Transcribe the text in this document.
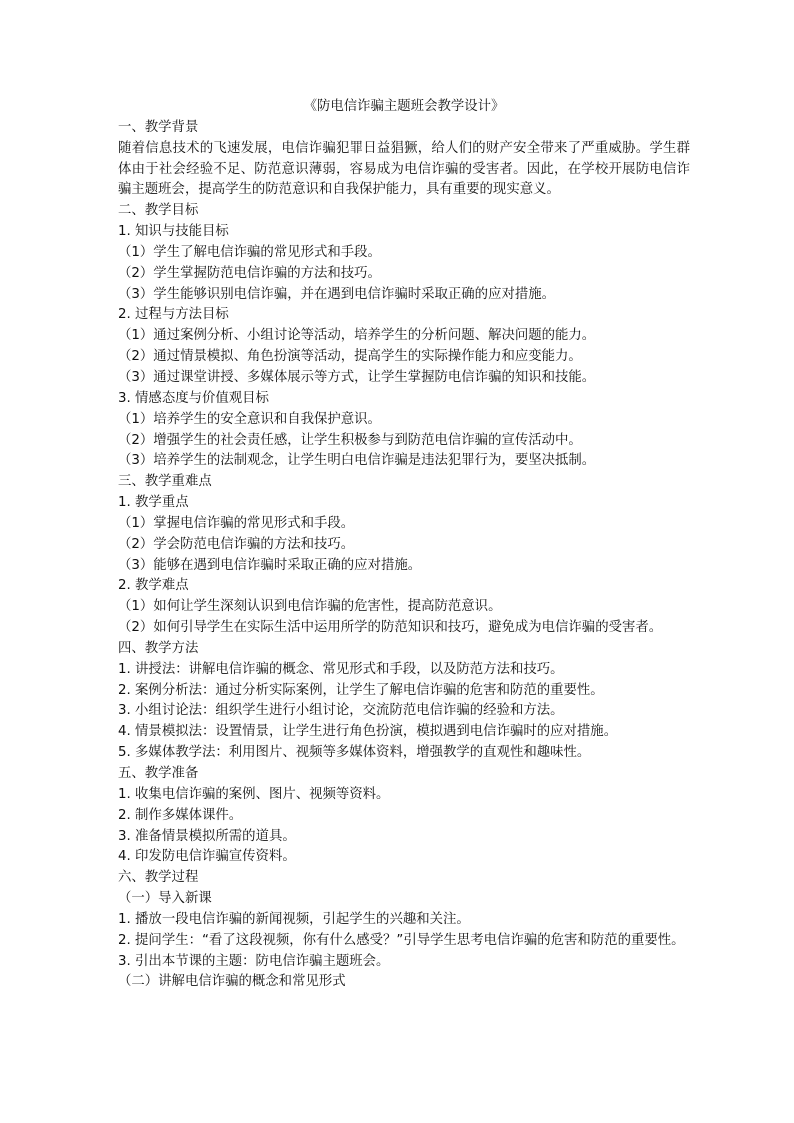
《防电信诈骗主题班会教学设计》

一、教学背景

随着信息技术的飞速发展，电信诈骗犯罪日益猖獗，给人们的财产安全带来了严重威胁。学生群体由于社会经验不足、防范意识薄弱，容易成为电信诈骗的受害者。因此，在学校开展防电信诈骗主题班会，提高学生的防范意识和自我保护能力，具有重要的现实意义。

二、教学目标

1. 知识与技能目标

（1）学生了解电信诈骗的常见形式和手段。

（2）学生掌握防范电信诈骗的方法和技巧。

（3）学生能够识别电信诈骗，并在遇到电信诈骗时采取正确的应对措施。

2. 过程与方法目标

（1）通过案例分析、小组讨论等活动，培养学生的分析问题、解决问题的能力。

（2）通过情景模拟、角色扮演等活动，提高学生的实际操作能力和应变能力。

（3）通过课堂讲授、多媒体展示等方式，让学生掌握防电信诈骗的知识和技能。

3. 情感态度与价值观目标

（1）培养学生的安全意识和自我保护意识。

（2）增强学生的社会责任感，让学生积极参与到防范电信诈骗的宣传活动中。

（3）培养学生的法制观念，让学生明白电信诈骗是违法犯罪行为，要坚决抵制。

三、教学重难点

1. 教学重点

（1）掌握电信诈骗的常见形式和手段。

（2）学会防范电信诈骗的方法和技巧。

（3）能够在遇到电信诈骗时采取正确的应对措施。

2. 教学难点

（1）如何让学生深刻认识到电信诈骗的危害性，提高防范意识。

（2）如何引导学生在实际生活中运用所学的防范知识和技巧，避免成为电信诈骗的受害者。

四、教学方法

1. 讲授法：讲解电信诈骗的概念、常见形式和手段，以及防范方法和技巧。

2. 案例分析法：通过分析实际案例，让学生了解电信诈骗的危害和防范的重要性。

3. 小组讨论法：组织学生进行小组讨论，交流防范电信诈骗的经验和方法。

4. 情景模拟法：设置情景，让学生进行角色扮演，模拟遇到电信诈骗时的应对措施。

5. 多媒体教学法：利用图片、视频等多媒体资料，增强教学的直观性和趣味性。

五、教学准备

1. 收集电信诈骗的案例、图片、视频等资料。

2. 制作多媒体课件。

3. 准备情景模拟所需的道具。

4. 印发防电信诈骗宣传资料。

六、教学过程

（一）导入新课

1. 播放一段电信诈骗的新闻视频，引起学生的兴趣和关注。

2. 提问学生：“看了这段视频，你有什么感受？”引导学生思考电信诈骗的危害和防范的重要性。

3. 引出本节课的主题：防电信诈骗主题班会。

（二）讲解电信诈骗的概念和常见形式
